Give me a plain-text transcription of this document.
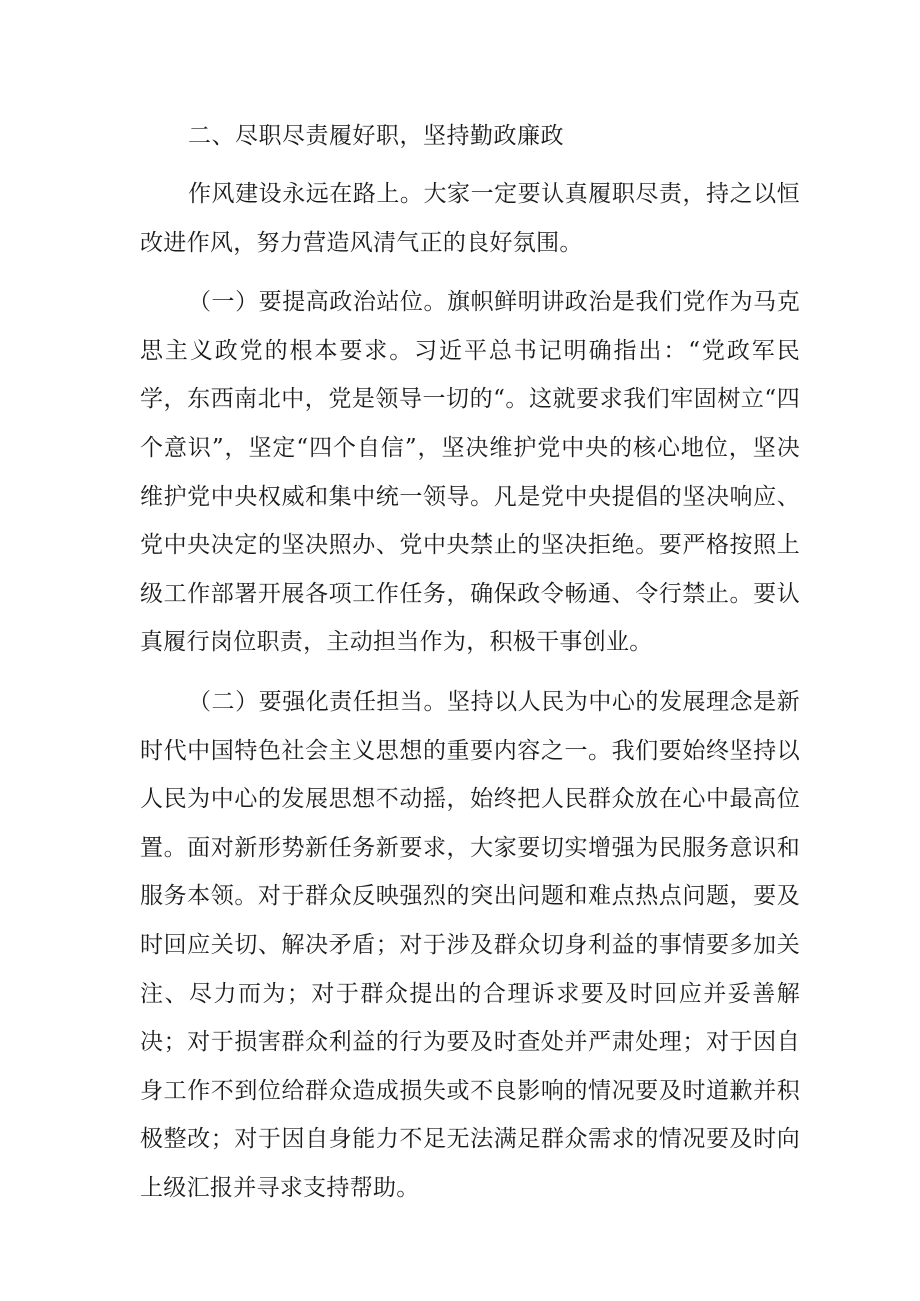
二、尽职尽责履好职，坚持勤政廉政

作风建设永远在路上。大家一定要认真履职尽责，持之以恒改进作风，努力营造风清气正的良好氛围。

（一）要提高政治站位。旗帜鲜明讲政治是我们党作为马克思主义政党的根本要求。习近平总书记明确指出：“党政军民学，东西南北中，党是领导一切的“。这就要求我们牢固树立“四个意识”，坚定“四个自信”，坚决维护党中央的核心地位，坚决维护党中央权威和集中统一领导。凡是党中央提倡的坚决响应、党中央决定的坚决照办、党中央禁止的坚决拒绝。要严格按照上级工作部署开展各项工作任务，确保政令畅通、令行禁止。要认真履行岗位职责，主动担当作为，积极干事创业。

（二）要强化责任担当。坚持以人民为中心的发展理念是新时代中国特色社会主义思想的重要内容之一。我们要始终坚持以人民为中心的发展思想不动摇，始终把人民群众放在心中最高位置。面对新形势新任务新要求，大家要切实增强为民服务意识和服务本领。对于群众反映强烈的突出问题和难点热点问题，要及时回应关切、解决矛盾；对于涉及群众切身利益的事情要多加关注、尽力而为；对于群众提出的合理诉求要及时回应并妥善解决；对于损害群众利益的行为要及时查处并严肃处理；对于因自身工作不到位给群众造成损失或不良影响的情况要及时道歉并积极整改；对于因自身能力不足无法满足群众需求的情况要及时向上级汇报并寻求支持帮助。
